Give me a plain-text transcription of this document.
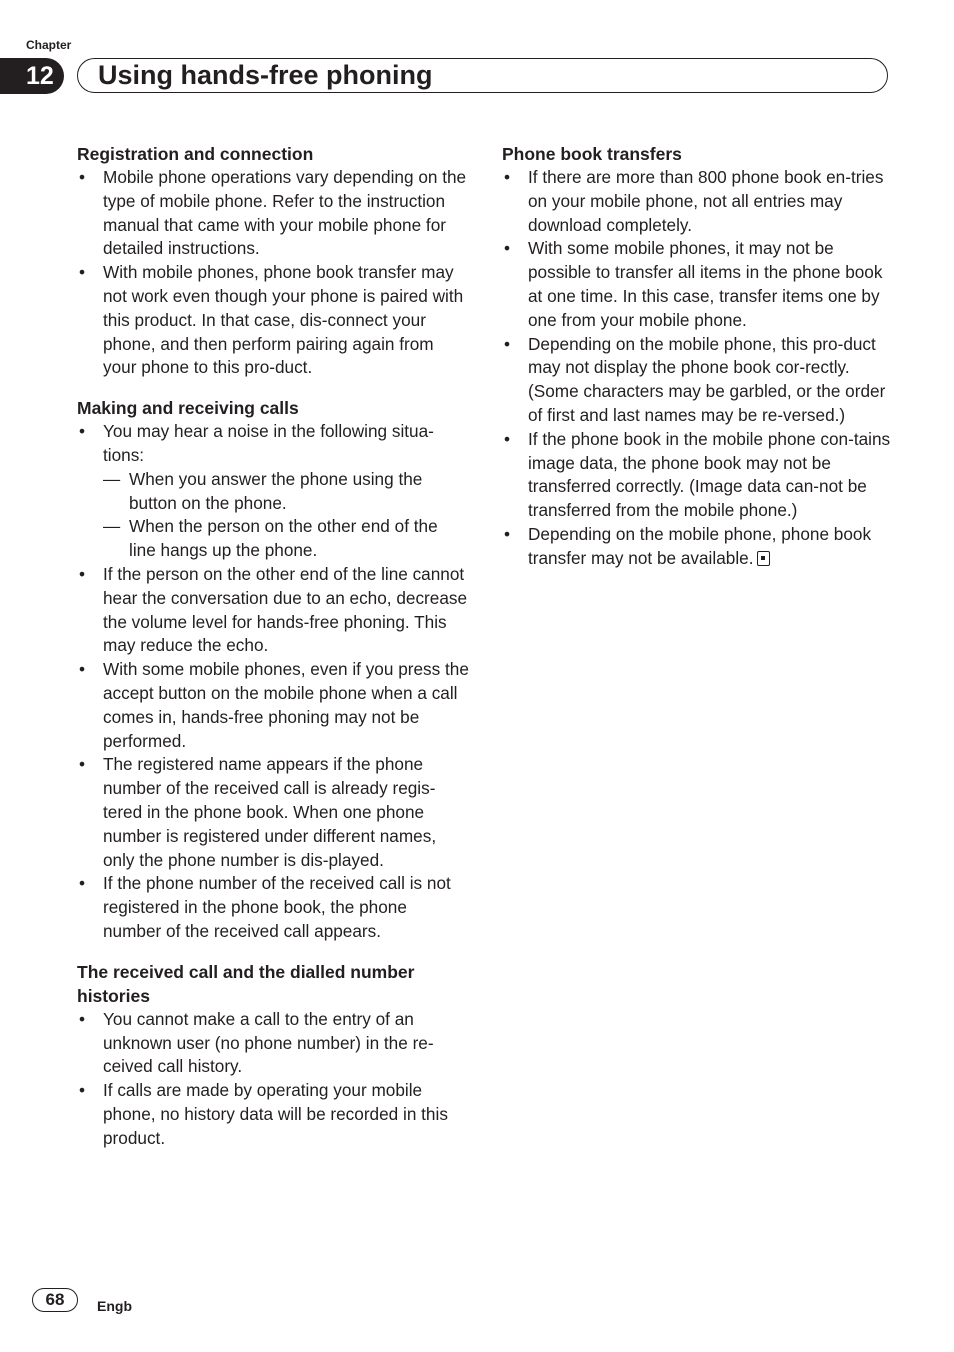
Chapter
12	Using hands-free phoning
Registration and connection
• Mobile phone operations vary depending on the type of mobile phone. Refer to the instruction manual that came with your mobile phone for detailed instructions.
• With mobile phones, phone book transfer may not work even though your phone is paired with this product. In that case, dis-connect your phone, and then perform pairing again from your phone to this pro-duct.
Making and receiving calls
• You may hear a noise in the following situa-tions:
— When you answer the phone using the button on the phone.
— When the person on the other end of the line hangs up the phone.
• If the person on the other end of the line cannot hear the conversation due to an echo, decrease the volume level for hands-free phoning. This may reduce the echo.
• With some mobile phones, even if you press the accept button on the mobile phone when a call comes in, hands-free phoning may not be performed.
• The registered name appears if the phone number of the received call is already regis-tered in the phone book. When one phone number is registered under different names, only the phone number is dis-played.
• If the phone number of the received call is not registered in the phone book, the phone number of the received call appears.
The received call and the dialled number histories
• You cannot make a call to the entry of an unknown user (no phone number) in the re-ceived call history.
• If calls are made by operating your mobile phone, no history data will be recorded in this product.
Phone book transfers
• If there are more than 800 phone book en-tries on your mobile phone, not all entries may download completely.
• With some mobile phones, it may not be possible to transfer all items in the phone book at one time. In this case, transfer items one by one from your mobile phone.
• Depending on the mobile phone, this pro-duct may not display the phone book cor-rectly. (Some characters may be garbled, or the order of first and last names may be re-versed.)
• If the phone book in the mobile phone con-tains image data, the phone book may not be transferred correctly. (Image data can-not be transferred from the mobile phone.)
• Depending on the mobile phone, phone book transfer may not be available.
68	Engb
